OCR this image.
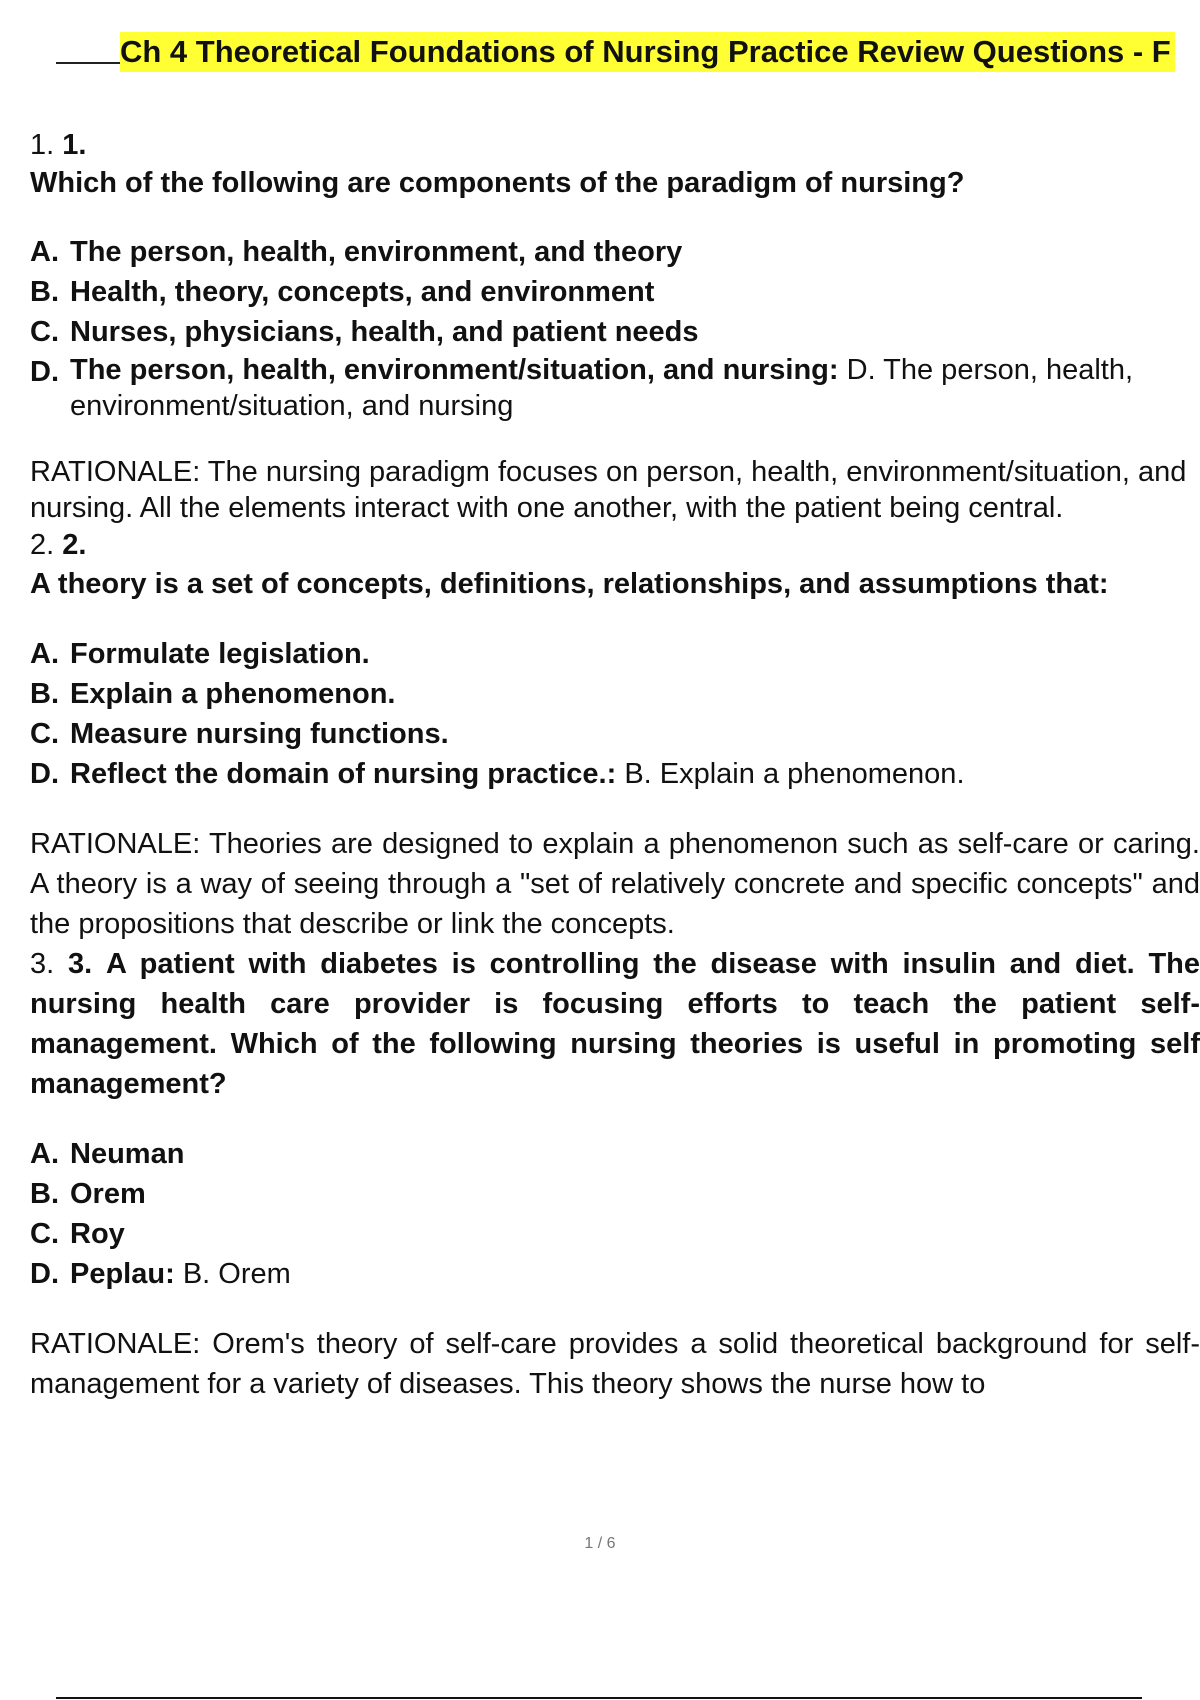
Ch 4 Theoretical Foundations of Nursing Practice Review Questions - F
1. 1.
Which of the following are components of the paradigm of nursing?
A. The person, health, environment, and theory
B. Health, theory, concepts, and environment
C. Nurses, physicians, health, and patient needs
D. The person, health, environment/situation, and nursing: D. The person, health, environment/situation, and nursing
RATIONALE: The nursing paradigm focuses on person, health, environment/situation, and nursing. All the elements interact with one another, with the patient being central.
2. 2.
A theory is a set of concepts, definitions, relationships, and assumptions that:
A. Formulate legislation.
B. Explain a phenomenon.
C. Measure nursing functions.
D. Reflect the domain of nursing practice.: B. Explain a phenomenon.
RATIONALE: Theories are designed to explain a phenomenon such as self-care or caring. A theory is a way of seeing through a "set of relatively concrete and specific concepts" and the propositions that describe or link the concepts.
3. 3. A patient with diabetes is controlling the disease with insulin and diet. The nursing health care provider is focusing efforts to teach the patient self-management. Which of the following nursing theories is useful in promoting self management?
A. Neuman
B. Orem
C. Roy
D. Peplau: B. Orem
RATIONALE: Orem's theory of self-care provides a solid theoretical background for self-management for a variety of diseases. This theory shows the nurse how to
1 / 6
